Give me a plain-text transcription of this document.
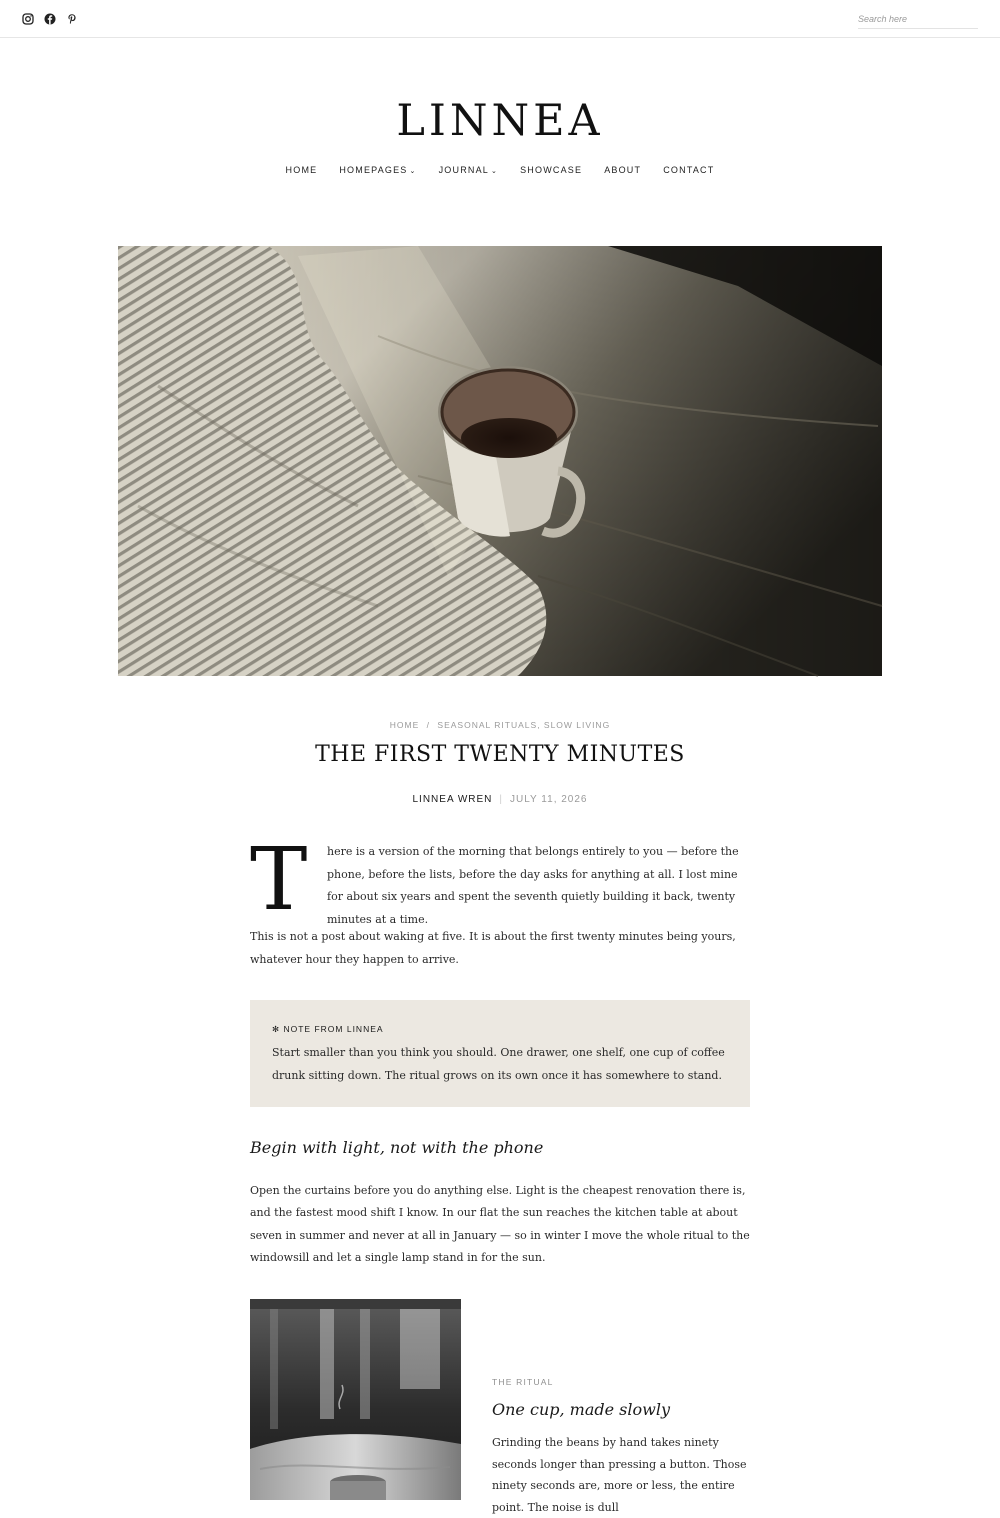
Search here
LINNEA
HOME HOMEPAGES ⌄ JOURNAL ⌄ SHOWCASE ABOUT CONTACT
HOME / SEASONAL RITUALS, SLOW LIVING
THE FIRST TWENTY MINUTES
LINNEA WREN | JULY 11, 2026
T here is a version of the morning that belongs entirely to you — before the phone, before the lists, before the day asks for anything at all. I lost mine for about six years and spent the seventh quietly building it back, twenty minutes at a time.

This is not a post about waking at five. It is about the first twenty minutes being yours, whatever hour they happen to arrive.

✻ NOTE FROM LINNEA

Start smaller than you think you should. One drawer, one shelf, one cup of coffee drunk sitting down. The ritual grows on its own once it has somewhere to stand.

Begin with light, not with the phone

Open the curtains before you do anything else. Light is the cheapest renovation there is, and the fastest mood shift I know. In our flat the sun reaches the kitchen table at about seven in summer and never at all in January — so in winter I move the whole ritual to the windowsill and let a single lamp stand in for the sun.

THE RITUAL
One cup, made slowly

Grinding the beans by hand takes ninety seconds longer than pressing a button. Those ninety seconds are, more or less, the entire point. The noise is dull
